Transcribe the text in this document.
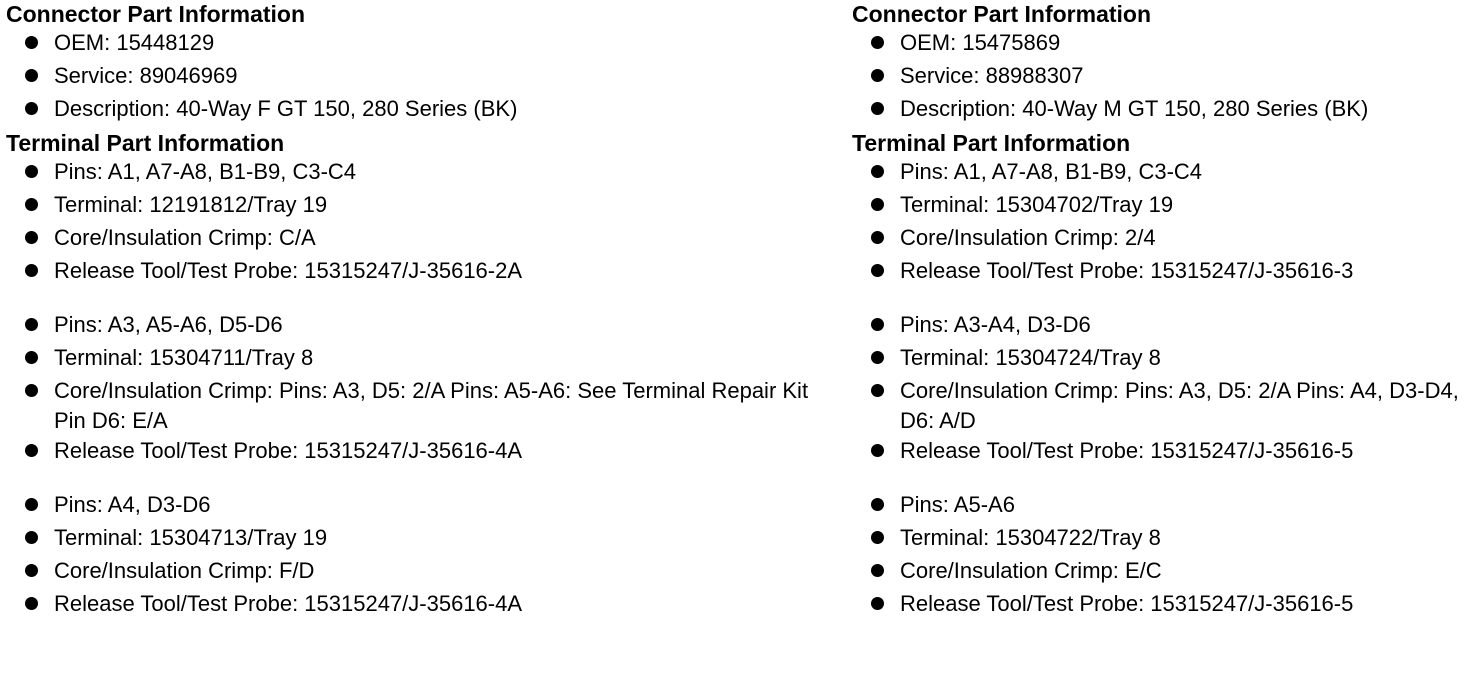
Connector Part Information
OEM: 15448129
Service: 89046969
Description: 40-Way F GT 150, 280 Series (BK)
Terminal Part Information
Pins: A1, A7-A8, B1-B9, C3-C4
Terminal: 12191812/Tray 19
Core/Insulation Crimp: C/A
Release Tool/Test Probe: 15315247/J-35616-2A
Pins: A3, A5-A6, D5-D6
Terminal: 15304711/Tray 8
Core/Insulation Crimp: Pins: A3, D5: 2/A Pins: A5-A6: See Terminal Repair Kit Pin D6: E/A
Release Tool/Test Probe: 15315247/J-35616-4A
Pins: A4, D3-D6
Terminal: 15304713/Tray 19
Core/Insulation Crimp: F/D
Release Tool/Test Probe: 15315247/J-35616-4A
Connector Part Information
OEM: 15475869
Service: 88988307
Description: 40-Way M GT 150, 280 Series (BK)
Terminal Part Information
Pins: A1, A7-A8, B1-B9, C3-C4
Terminal: 15304702/Tray 19
Core/Insulation Crimp: 2/4
Release Tool/Test Probe: 15315247/J-35616-3
Pins: A3-A4, D3-D6
Terminal: 15304724/Tray 8
Core/Insulation Crimp: Pins: A3, D5: 2/A Pins: A4, D3-D4, D6: A/D
Release Tool/Test Probe: 15315247/J-35616-5
Pins: A5-A6
Terminal: 15304722/Tray 8
Core/Insulation Crimp: E/C
Release Tool/Test Probe: 15315247/J-35616-5
